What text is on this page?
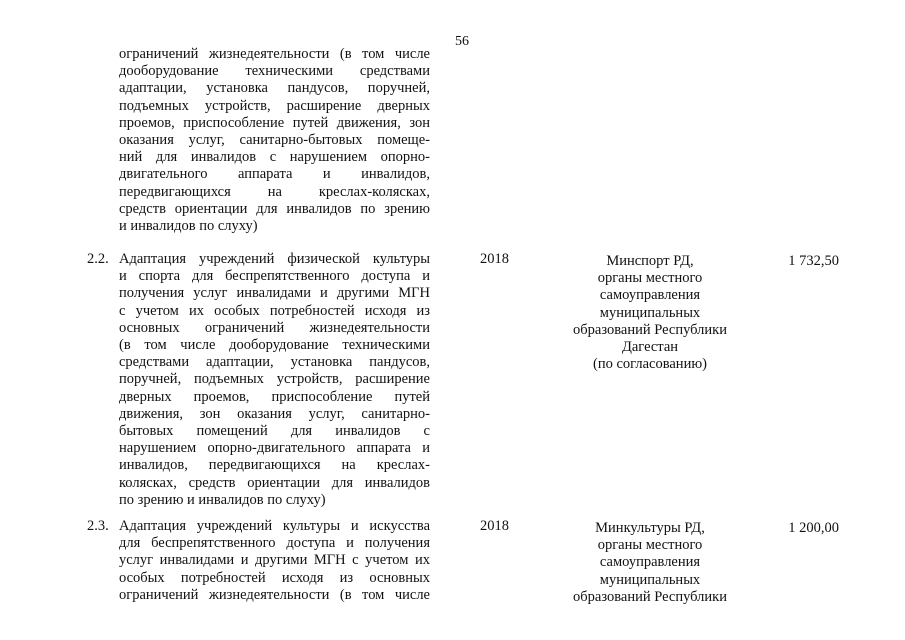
56
ограничений жизнедеятельности (в том числе
дооборудование техническими средствами
адаптации, установка пандусов, поручней,
подъемных устройств, расширение дверных
проемов, приспособление путей движения, зон
оказания услуг, санитарно-бытовых помеще-
ний для инвалидов с нарушением опорно-
двигательного аппарата и инвалидов,
передвигающихся на креслах-колясках,
средств ориентации для инвалидов по зрению
и инвалидов по слуху)
2.2. Адаптация учреждений физической культуры
и спорта для беспрепятственного доступа и
получения услуг инвалидами и другими МГН
с учетом их особых потребностей исходя из
основных ограничений жизнедеятельности
(в том числе дооборудование техническими
средствами адаптации, установка пандусов,
поручней, подъемных устройств, расширение
дверных проемов, приспособление путей
движения, зон оказания услуг, санитарно-
бытовых помещений для инвалидов с
нарушением опорно-двигательного аппарата и
инвалидов, передвигающихся на креслах-
колясках, средств ориентации для инвалидов
по зрению и инвалидов по слуху)
2018	Минспорт РД,
органы местного
самоуправления
муниципальных
образований Республики
Дагестан
(по согласованию)
1 732,50
2.3. Адаптация учреждений культуры и искусства
для беспрепятственного доступа и получения
услуг инвалидами и другими МГН с учетом их
особых потребностей исходя из основных
ограничений жизнедеятельности (в том числе
2018	Минкультуры РД,
органы местного
самоуправления
муниципальных
образований Республики
1 200,00
